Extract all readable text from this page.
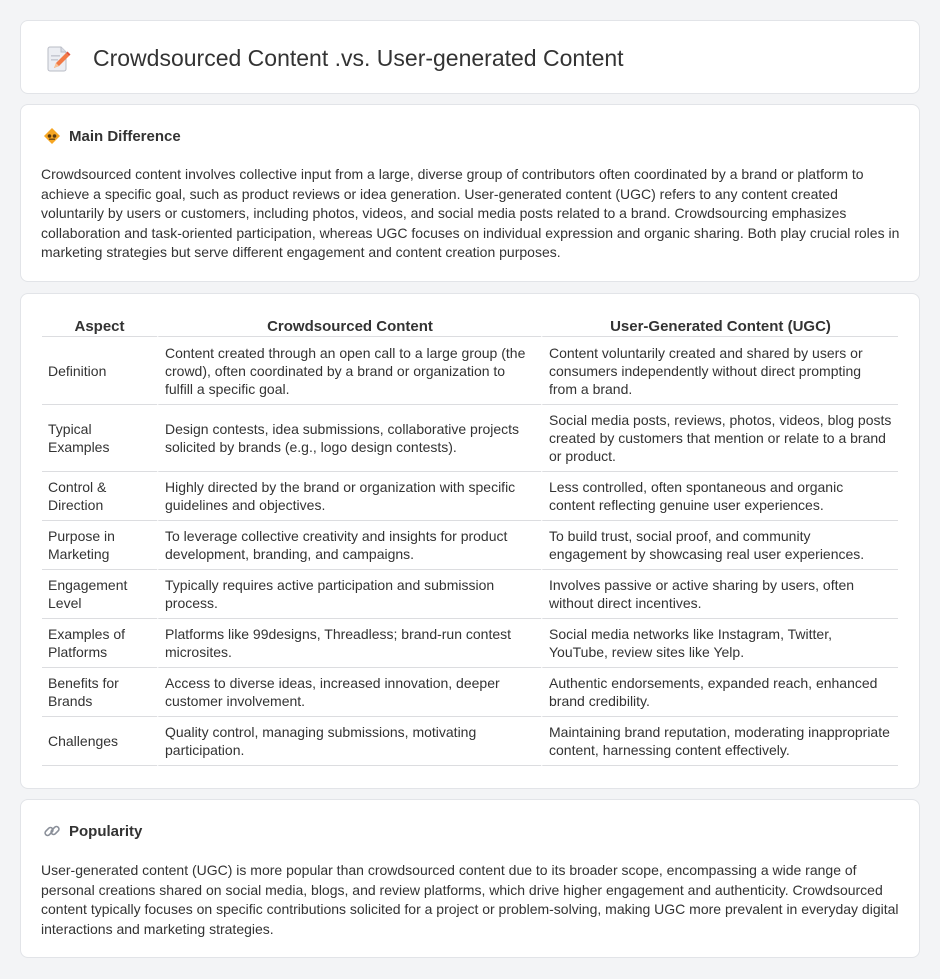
Crowdsourced Content .vs. User-generated Content
Main Difference

Crowdsourced content involves collective input from a large, diverse group of contributors often coordinated by a brand or platform to achieve a specific goal, such as product reviews or idea generation. User-generated content (UGC) refers to any content created voluntarily by users or customers, including photos, videos, and social media posts related to a brand. Crowdsourcing emphasizes collaboration and task-oriented participation, whereas UGC focuses on individual expression and organic sharing. Both play crucial roles in marketing strategies but serve different engagement and content creation purposes.

Aspect	Crowdsourced Content	User-Generated Content (UGC)
Definition	Content created through an open call to a large group (the crowd), often coordinated by a brand or organization to fulfill a specific goal.	Content voluntarily created and shared by users or consumers independently without direct prompting from a brand.
Typical Examples	Design contests, idea submissions, collaborative projects solicited by brands (e.g., logo design contests).	Social media posts, reviews, photos, videos, blog posts created by customers that mention or relate to a brand or product.
Control & Direction	Highly directed by the brand or organization with specific guidelines and objectives.	Less controlled, often spontaneous and organic content reflecting genuine user experiences.
Purpose in Marketing	To leverage collective creativity and insights for product development, branding, and campaigns.	To build trust, social proof, and community engagement by showcasing real user experiences.
Engagement Level	Typically requires active participation and submission process.	Involves passive or active sharing by users, often without direct incentives.
Examples of Platforms	Platforms like 99designs, Threadless; brand-run contest microsites.	Social media networks like Instagram, Twitter, YouTube, review sites like Yelp.
Benefits for Brands	Access to diverse ideas, increased innovation, deeper customer involvement.	Authentic endorsements, expanded reach, enhanced brand credibility.
Challenges	Quality control, managing submissions, motivating participation.	Maintaining brand reputation, moderating inappropriate content, harnessing content effectively.
Popularity

User-generated content (UGC) is more popular than crowdsourced content due to its broader scope, encompassing a wide range of personal creations shared on social media, blogs, and review platforms, which drive higher engagement and authenticity. Crowdsourced content typically focuses on specific contributions solicited for a project or problem-solving, making UGC more prevalent in everyday digital interactions and marketing strategies.
